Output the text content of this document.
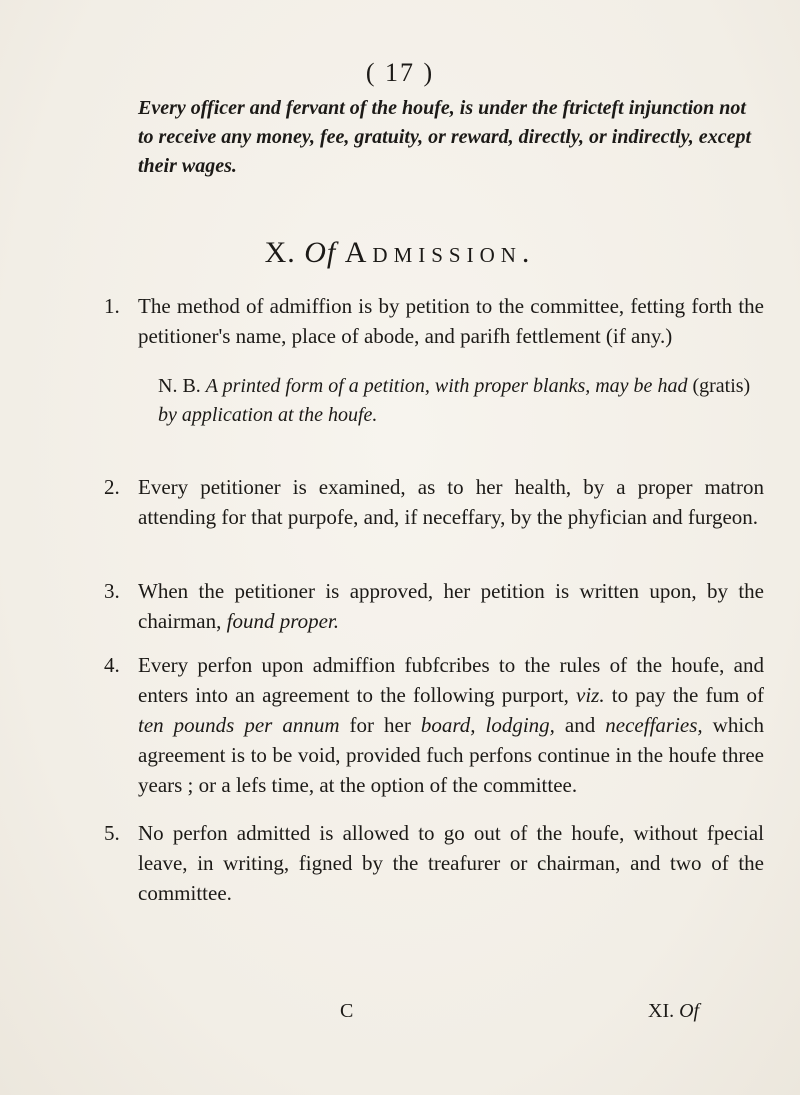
( 17 )
Every officer and fervant of the houfe, is under the ftricteft injunction not to receive any money, fee, gratuity, or reward, directly, or indirectly, except their wages.
X. Of Admission.
1. The method of admiffion is by petition to the committee, fetting forth the petitioner's name, place of abode, and parifh fettlement (if any.)
N. B. A printed form of a petition, with proper blanks, may be had (gratis) by application at the houfe.
2. Every petitioner is examined, as to her health, by a proper matron attending for that purpofe, and, if neceffary, by the phyfician and furgeon.
3. When the petitioner is approved, her petition is written upon, by the chairman, found proper.
4. Every perfon upon admiffion fubfcribes to the rules of the houfe, and enters into an agreement to the following purport, viz. to pay the fum of ten pounds per annum for her board, lodging, and neceffaries, which agreement is to be void, provided fuch perfons continue in the houfe three years ; or a lefs time, at the option of the committee.
5. No perfon admitted is allowed to go out of the houfe, without fpecial leave, in writing, figned by the treafurer or chairman, and two of the committee.
C	XI. Of
